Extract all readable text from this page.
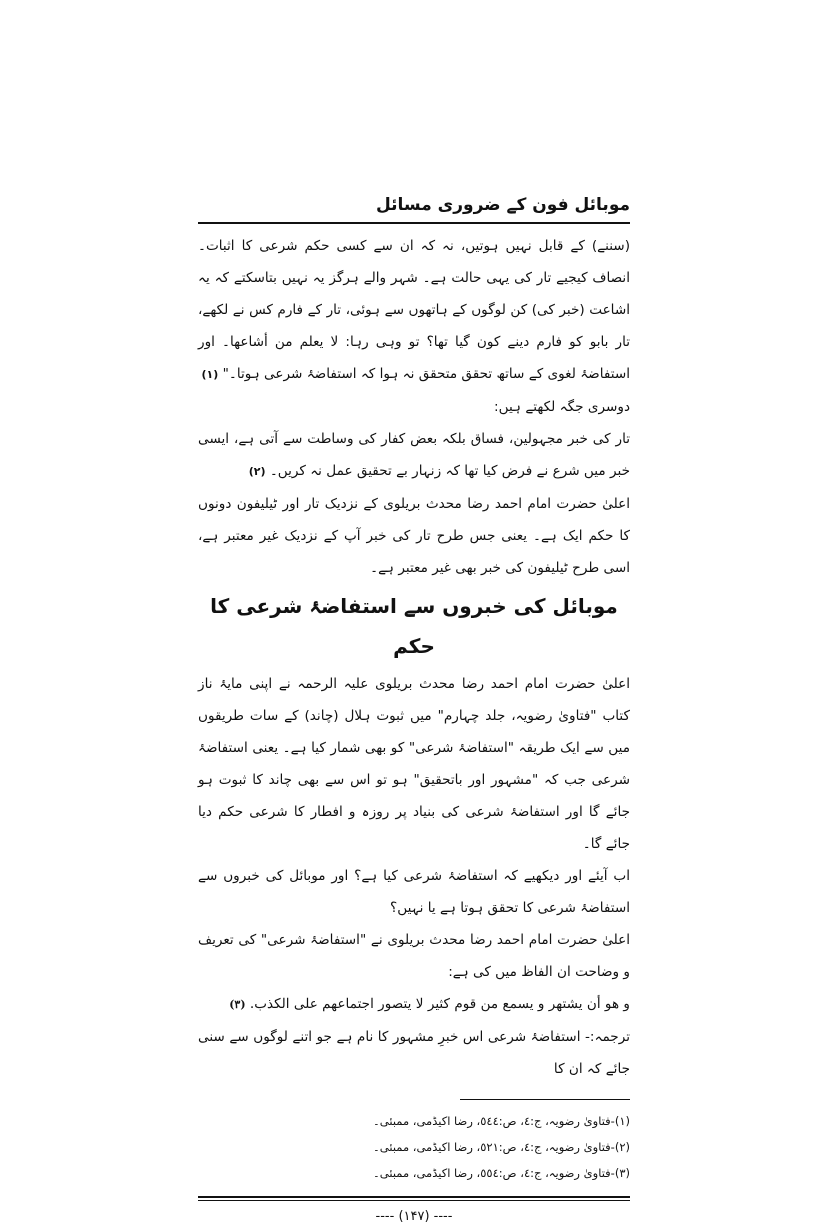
موبائل فون کے ضروری مسائل

(سننے) کے قابل نہیں ہوتیں، نہ کہ ان سے کسی حکم شرعی کا اثبات۔ انصاف کیجیے تار کی یہی حالت ہے۔ شہر والے ہرگز یہ نہیں بتاسکتے کہ یہ اشاعت (خبر کی) کن لوگوں کے ہاتھوں سے ہوئی، تار کے فارم کس نے لکھے، تار بابو کو فارم دینے کون گیا تھا؟ تو وہی رہا: لا یعلم من أشاعها۔ اور استفاضۂ لغوی کے ساتھ تحقق متحقق نہ ہوا کہ استفاضۂ شرعی ہوتا۔" (۱)

دوسری جگہ لکھتے ہیں:

تار کی خبر مجہولین، فساق بلکہ بعض کفار کی وساطت سے آتی ہے، ایسی خبر میں شرع نے فرض کیا تھا کہ زنہار بے تحقیق عمل نہ کریں۔ (۲)

اعلیٰ حضرت امام احمد رضا محدث بریلوی کے نزدیک تار اور ٹیلیفون دونوں کا حکم ایک ہے۔ یعنی جس طرح تار کی خبر آپ کے نزدیک غیر معتبر ہے، اسی طرح ٹیلیفون کی خبر بھی غیر معتبر ہے۔

موبائل کی خبروں سے استفاضۂ شرعی کا حکم

اعلیٰ حضرت امام احمد رضا محدث بریلوی علیہ الرحمہ نے اپنی مایۂ ناز کتاب "فتاویٰ رضویہ، جلد چہارم" میں ثبوت ہلال (چاند) کے سات طریقوں میں سے ایک طریقہ "استفاضۂ شرعی" کو بھی شمار کیا ہے۔ یعنی استفاضۂ شرعی جب کہ "مشہور اور باتحقیق" ہو تو اس سے بھی چاند کا ثبوت ہو جائے گا اور استفاضۂ شرعی کی بنیاد پر روزہ و افطار کا شرعی حکم دیا جائے گا۔

اب آیئے اور دیکھیے کہ استفاضۂ شرعی کیا ہے؟ اور موبائل کی خبروں سے استفاضۂ شرعی کا تحقق ہوتا ہے یا نہیں؟

اعلیٰ حضرت امام احمد رضا محدث بریلوی نے "استفاضۂ شرعی" کی تعریف و وضاحت ان الفاظ میں کی ہے:

و هو أن يشتهر و يسمع من قوم كثير لا يتصور اجتماعهم على الكذب. (۳)

ترجمہ:- استفاضۂ شرعی اس خبرِ مشہور کا نام ہے جو اتنے لوگوں سے سنی جائے کہ ان کا

(۱)-فتاویٰ رضویہ، ج:٤، ص:٥٤٤، رضا اکیڈمی، ممبئی۔

(۲)-فتاویٰ رضویہ، ج:٤، ص:٥٢١، رضا اکیڈمی، ممبئی۔

(۳)-فتاویٰ رضویہ، ج:٤، ص:٥٥٤، رضا اکیڈمی، ممبئی۔

---- (۱۴۷) ----
